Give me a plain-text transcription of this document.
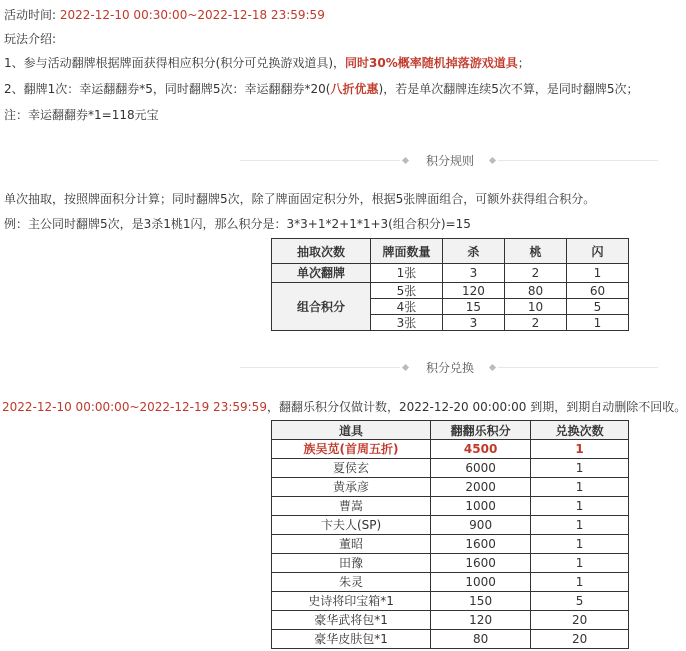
活动时间: 2022-12-10 00:30:00~2022-12-18 23:59:59
玩法介绍:
1、参与活动翻牌根据牌面获得相应积分(积分可兑换游戏道具)，同时30%概率随机掉落游戏道具；
2、翻牌1次：幸运翻翻券*5，同时翻牌5次：幸运翻翻券*20(八折优惠)，若是单次翻牌连续5次不算，是同时翻牌5次；
注：幸运翻翻券*1=118元宝
积分规则
单次抽取，按照牌面积分计算；同时翻牌5次，除了牌面固定积分外，根据5张牌面组合，可额外获得组合积分。
例：主公同时翻牌5次，是3杀1桃1闪，那么积分是：3*3+1*2+1*1+3(组合积分)=15
抽取次数	牌面数量	杀	桃	闪
单次翻牌	1张	3	2	1
组合积分	5张	120	80	60
	4张	15	10	5
	3张	3	2	1
积分兑换
2022-12-10 00:00:00~2022-12-19 23:59:59，翻翻乐积分仅做计数，2022-12-20 00:00:00 到期，到期自动删除不回收。
道具	翻翻乐积分	兑换次数
族吴苋(首周五折)	4500	1
夏侯玄	6000	1
黄承彦	2000	1
曹嵩	1000	1
卞夫人(SP)	900	1
董昭	1600	1
田豫	1600	1
朱灵	1000	1
史诗将印宝箱*1	150	5
豪华武将包*1	120	20
豪华皮肤包*1	80	20
